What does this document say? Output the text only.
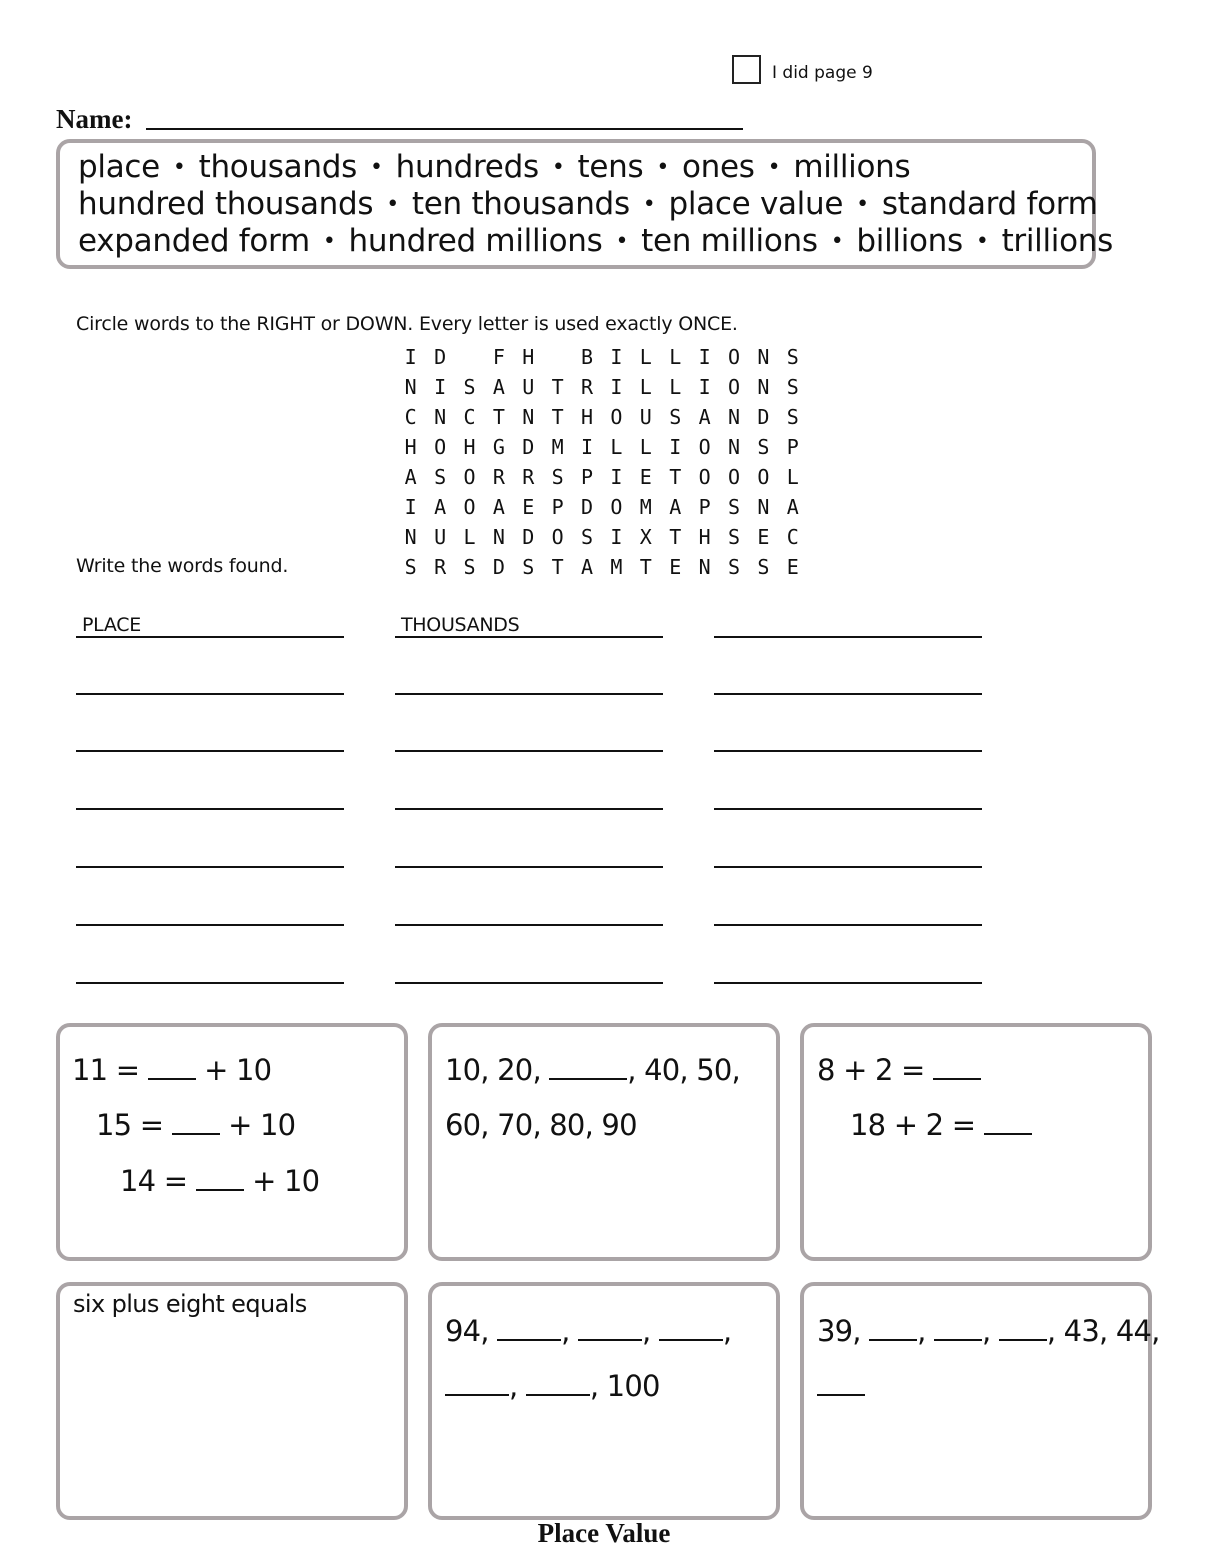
I did page 9
Name:
place • thousands • hundreds • tens • ones • millions
hundred thousands • ten thousands • place value • standard form
expanded form • hundred millions • ten millions • billions • trillions
Circle words to the RIGHT or DOWN. Every letter is used exactly ONCE.
Write the words found.
I D	F H	B I L L I O N S
N I S A U T R I L L I O N S
C N C T N T H O U S A N D S
H O H G D M I L L I O N S P
A S O R R S P I E T O O O L
I A O A E P D O M A P S N A
N U L N D O S I X T H S E C
S R S D S T A M T E N S S E
PLACE	THOUSANDS
11 = + 10
15 = + 10
14 = + 10
10, 20,	, 40, 50,
60, 70, 80, 90
8 + 2 =
18 + 2 =
six plus eight equals
94, , , ,
, , 100
39, , , , 43, 44,
Place Value
